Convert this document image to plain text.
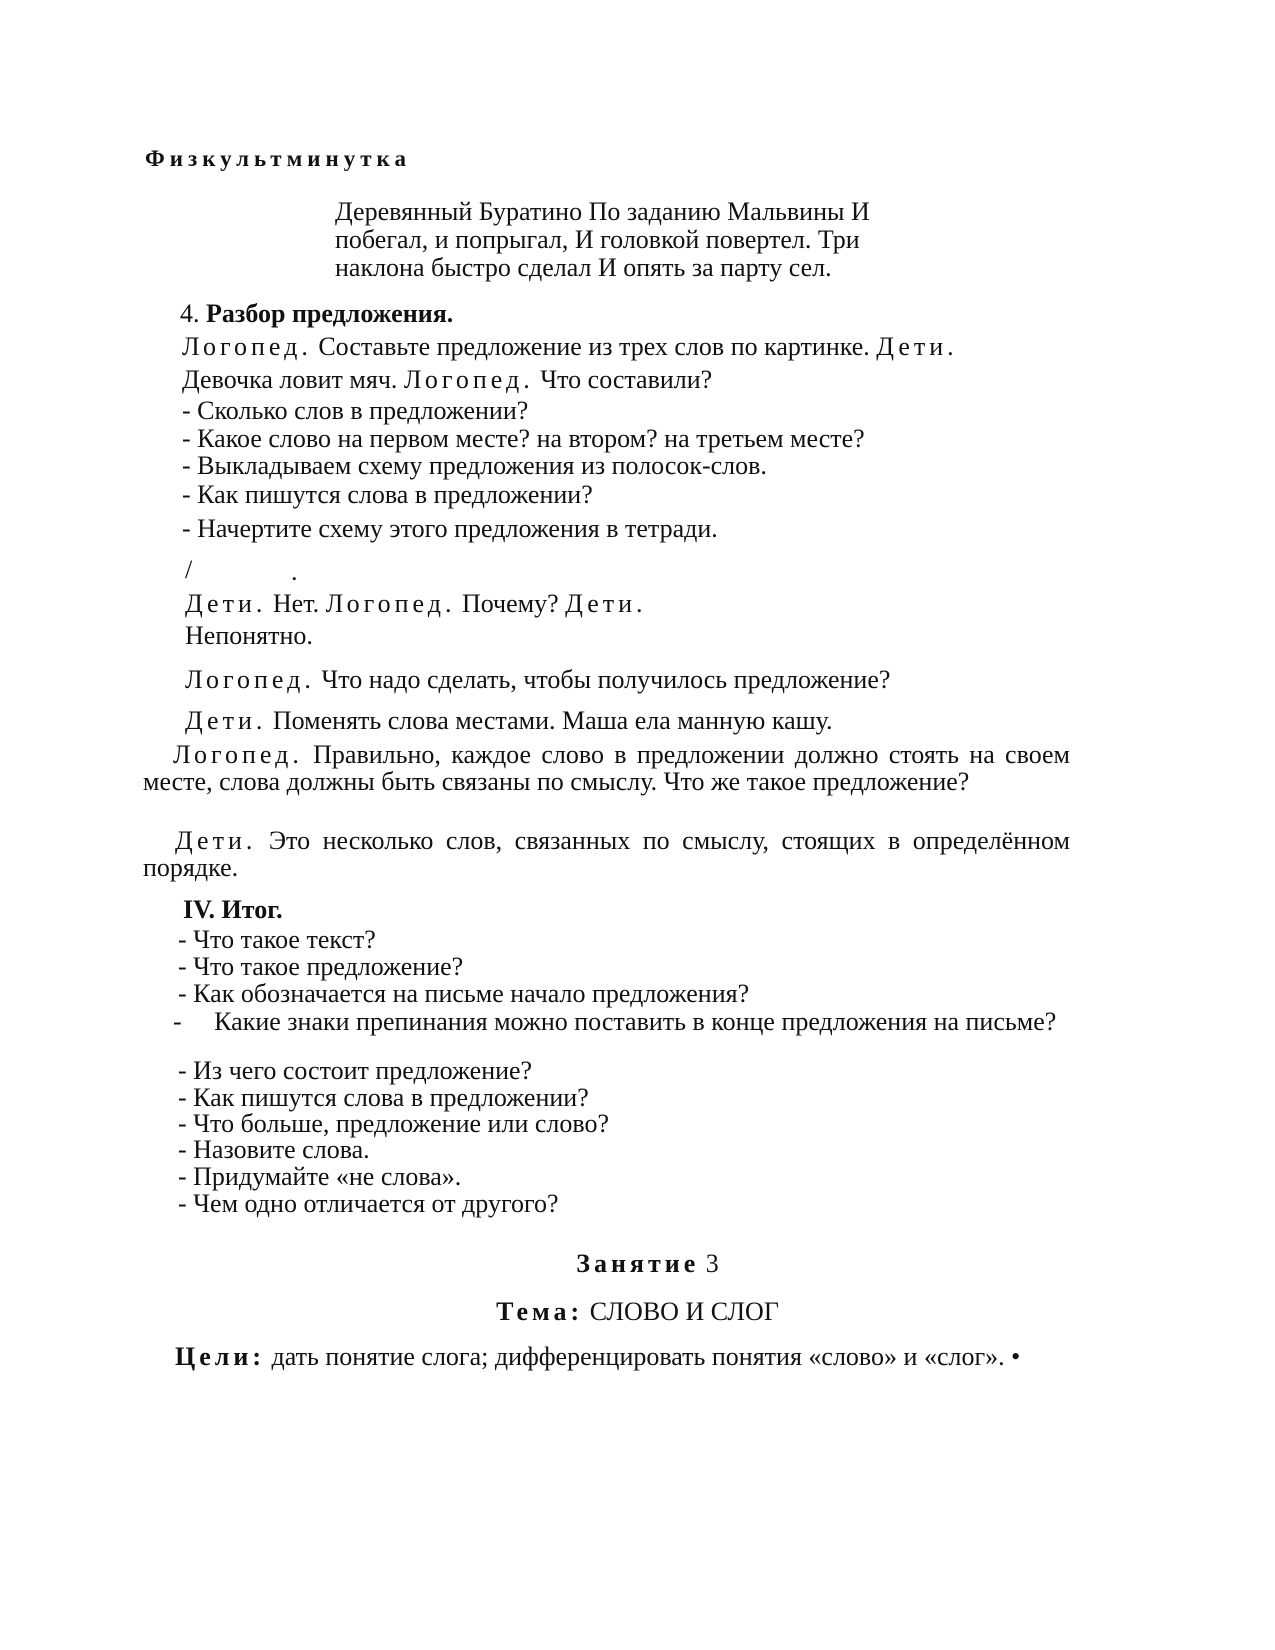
Физкультминутка
Деревянный Буратино По заданию Мальвины И
побегал, и попрыгал, И головкой повертел. Три
наклона быстро сделал И опять за парту сел.
4. Разбор предложения.
Логопед. Составьте предложение из трех слов по картинке. Дети.
Девочка ловит мяч. Логопед. Что составили?
- Сколько слов в предложении?
- Какое слово на первом месте? на втором? на третьем месте?
- Выкладываем схему предложения из полосок-слов.
- Как пишутся слова в предложении?
- Начертите схему этого предложения в тетради.
/	.
Дети. Нет. Логопед. Почему? Дети.
Непонятно.
Логопед. Что надо сделать, чтобы получилось предложение?
Дети. Поменять слова местами. Маша ела манную кашу.
Логопед. Правильно, каждое слово в предложении должно стоять на своем месте, слова должны быть связаны по смыслу. Что же такое предложение?
Дети. Это несколько слов, связанных по смыслу, стоящих в определённом порядке.
IV. Итог.
- Что такое текст?
- Что такое предложение?
- Как обозначается на письме начало предложения?
-     Какие знаки препинания можно поставить в конце предложения на письме?
- Из чего состоит предложение?
- Как пишутся слова в предложении?
- Что больше, предложение или слово?
- Назовите слова.
- Придумайте «не слова».
- Чем одно отличается от другого?
Занятие 3
Тема: СЛОВО И СЛОГ
Цели: дать понятие слога; дифференцировать понятия «слово» и «слог». •
